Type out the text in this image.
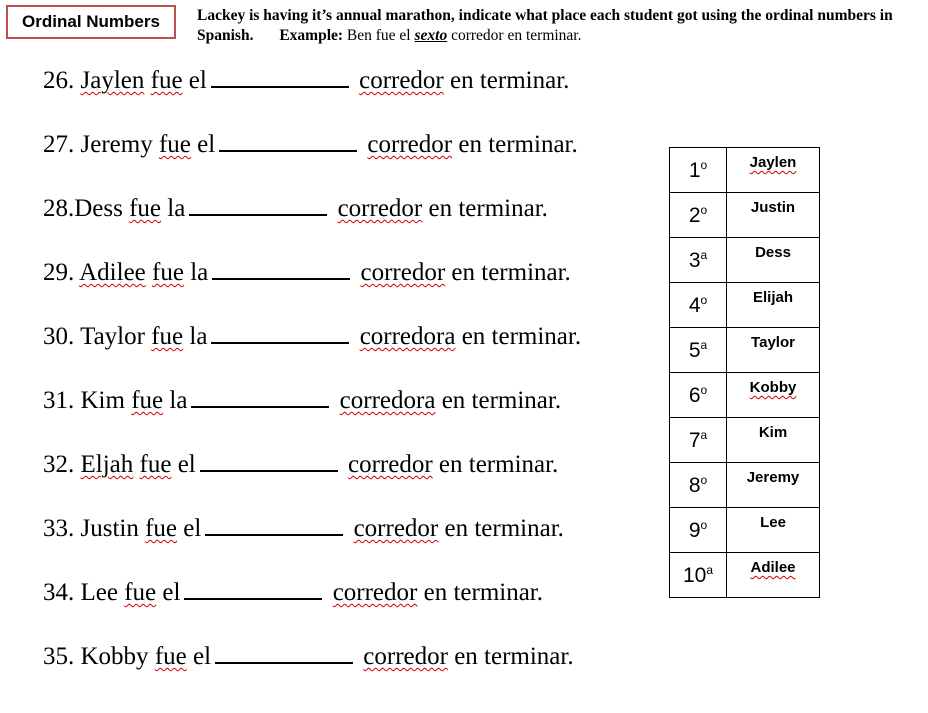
Ordinal Numbers	Lackey is having it’s annual marathon, indicate what place each student got using the ordinal numbers in Spanish. Example: Ben fue el sexto corredor en terminar.
26. Jaylen fue el	corredor en terminar.
27. Jeremy fue el	corredor en terminar.
28.Dess fue la	corredor en terminar.
29. Adilee fue la	corredor en terminar.
30. Taylor fue la	corredora en terminar.
31. Kim fue la	corredora en terminar.
32. Eljah fue el	corredor en terminar.
33. Justin fue el	corredor en terminar.
34. Lee fue el	corredor en terminar.
35. Kobby fue el	corredor en terminar.
1$^o$	Jaylen
2$^o$	Justin
3$^a$	Dess
4$^o$	Elijah
5$^a$	Taylor
6$^o$	Kobby
7$^a$	Kim
8$^o$	Jeremy
9$^o$	Lee
10$^a$	Adilee
